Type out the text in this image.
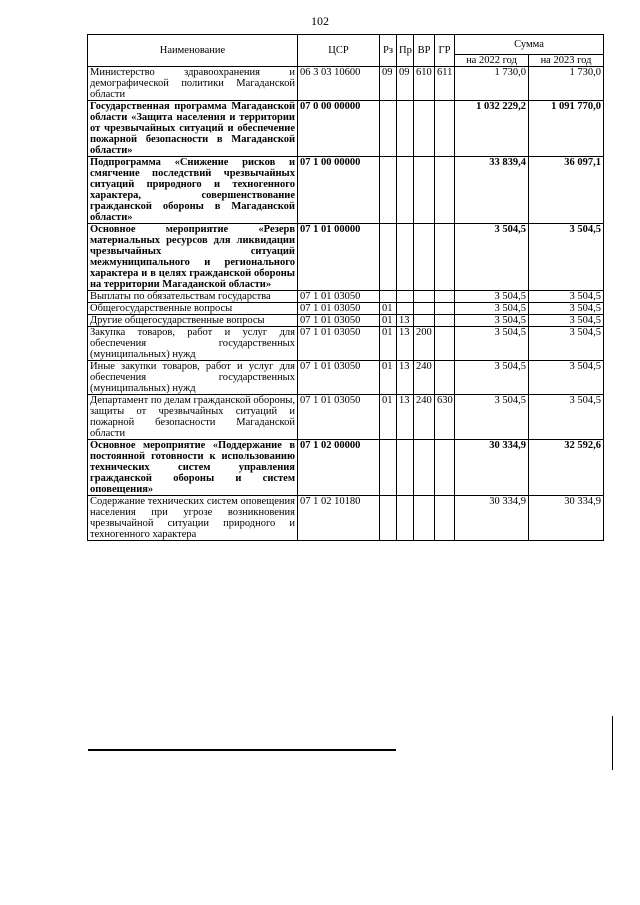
102
Наименование	ЦСР	Рз	Пр	ВР	ГР	Сумма	
						на 2022 год	на 2023 год
Министерство здравоохранения и демографической политики Магаданской области	06 3 03 10600	09	09	610	611	1 730,0	1 730,0
Государственная программа Магаданской области «Защита населения и территории от чрезвычайных ситуаций и обеспечение пожарной безопасности в Магаданской области»	07 0 00 00000					1 032 229,2	1 091 770,0
Подпрограмма «Снижение рисков и смягчение последствий чрезвычайных ситуаций природного и техногенного характера, совершенствование гражданской обороны в Магаданской области»	07 1 00 00000					33 839,4	36 097,1
Основное мероприятие «Резерв материальных ресурсов для ликвидации чрезвычайных ситуаций межмуниципального и регионального характера и в целях гражданской обороны на территории Магаданской области»	07 1 01 00000					3 504,5	3 504,5
Выплаты по обязательствам государства	07 1 01 03050					3 504,5	3 504,5
Общегосударственные вопросы	07 1 01 03050	01				3 504,5	3 504,5
Другие общегосударственные вопросы	07 1 01 03050	01	13			3 504,5	3 504,5
Закупка товаров, работ и услуг для обеспечения государственных (муниципальных) нужд	07 1 01 03050	01	13	200		3 504,5	3 504,5
Иные закупки товаров, работ и услуг для обеспечения государственных (муниципальных) нужд	07 1 01 03050	01	13	240		3 504,5	3 504,5
Департамент по делам гражданской обороны, защиты от чрезвычайных ситуаций и пожарной безопасности Магаданской области	07 1 01 03050	01	13	240	630	3 504,5	3 504,5
Основное мероприятие «Поддержание в постоянной готовности к использованию технических систем управления гражданской обороны и систем оповещения»	07 1 02 00000					30 334,9	32 592,6
Содержание технических систем оповещения населения при угрозе возникновения чрезвычайной ситуации природного и техногенного характера	07 1 02 10180					30 334,9	30 334,9
